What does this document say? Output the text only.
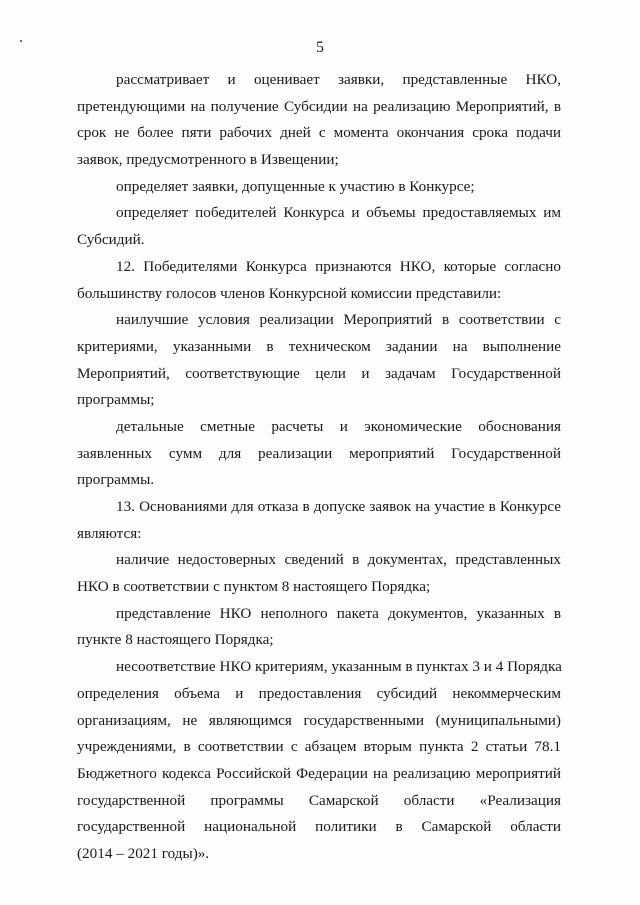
5
рассматривает и оценивает заявки, представленные НКО,
претендующими на получение Субсидии на реализацию Мероприятий, в
срок не более пяти рабочих дней с момента окончания срока подачи
заявок, предусмотренного в Извещении;
определяет заявки, допущенные к участию в Конкурсе;
определяет победителей Конкурса и объемы предоставляемых им
Субсидий.
12. Победителями Конкурса признаются НКО, которые согласно
большинству голосов членов Конкурсной комиссии представили:
наилучшие условия реализации Мероприятий в соответствии с
критериями, указанными в техническом задании на выполнение
Мероприятий, соответствующие цели и задачам Государственной
программы;
детальные сметные расчеты и экономические обоснования
заявленных сумм для реализации мероприятий Государственной
программы.
13. Основаниями для отказа в допуске заявок на участие в Конкурсе
являются:
наличие недостоверных сведений в документах, представленных
НКО в соответствии с пунктом 8 настоящего Порядка;
представление НКО неполного пакета документов, указанных в
пункте 8 настоящего Порядка;
несоответствие НКО критериям, указанным в пунктах 3 и 4 Порядка
определения объема и предоставления субсидий некоммерческим
организациям, не являющимся государственными (муниципальными)
учреждениями, в соответствии с абзацем вторым пункта 2 статьи 78.1
Бюджетного кодекса Российской Федерации на реализацию мероприятий
государственной программы Самарской области «Реализация
государственной национальной политики в Самарской области
(2014 – 2021 годы)».
